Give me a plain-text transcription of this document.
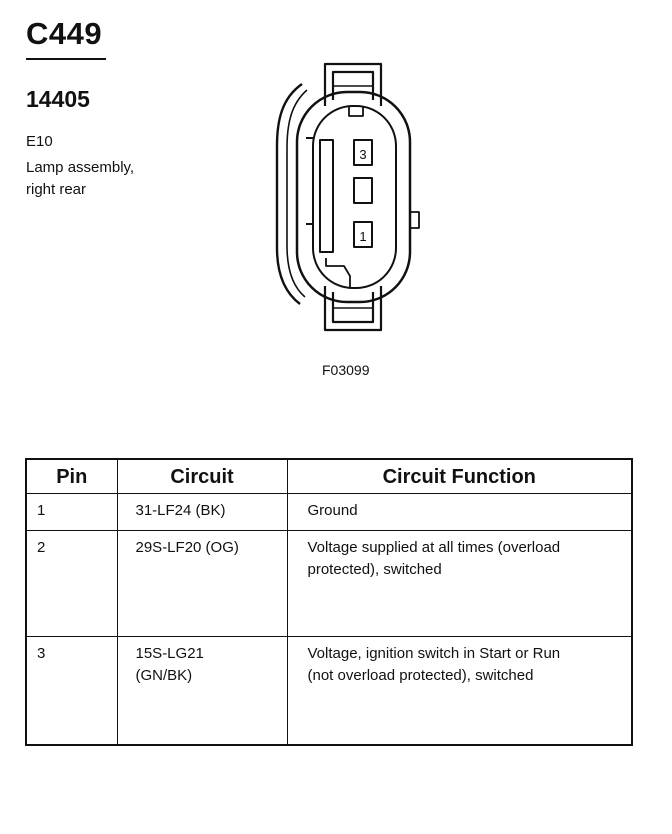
C449
14405
E10
Lamp assembly,
right rear
3
1
F03099
Pin	Circuit	Circuit Function
1	31-LF24 (BK)	Ground

2	29S-LF20 (OG)	Voltage supplied at all times (overload
protected), switched

3	15S-LG21
(GN/BK)	Voltage, ignition switch in Start or Run
(not overload protected), switched
